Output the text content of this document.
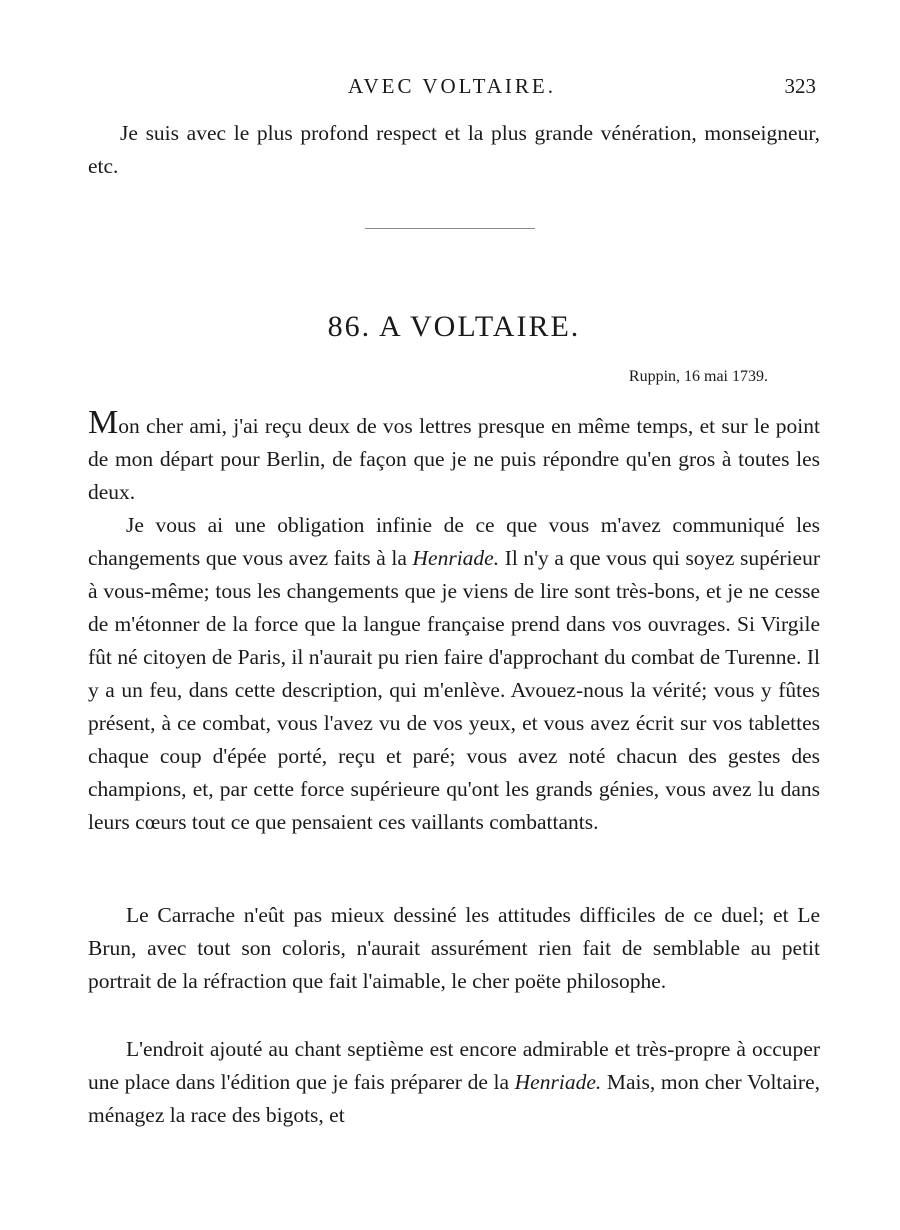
AVEC VOLTAIRE.	323
Je suis avec le plus profond respect et la plus grande vénération, monseigneur, etc.
86. A VOLTAIRE.
Ruppin, 16 mai 1739.
Mon cher ami, j'ai reçu deux de vos lettres presque en même temps, et sur le point de mon départ pour Berlin, de façon que je ne puis répondre qu'en gros à toutes les deux.
Je vous ai une obligation infinie de ce que vous m'avez communiqué les changements que vous avez faits à la Henriade. Il n'y a que vous qui soyez supérieur à vous-même; tous les changements que je viens de lire sont très-bons, et je ne cesse de m'étonner de la force que la langue française prend dans vos ouvrages. Si Virgile fût né citoyen de Paris, il n'aurait pu rien faire d'approchant du combat de Turenne. Il y a un feu, dans cette description, qui m'enlève. Avouez-nous la vérité; vous y fûtes présent, à ce combat, vous l'avez vu de vos yeux, et vous avez écrit sur vos tablettes chaque coup d'épée porté, reçu et paré; vous avez noté chacun des gestes des champions, et, par cette force supérieure qu'ont les grands génies, vous avez lu dans leurs cœurs tout ce que pensaient ces vaillants combattants.
Le Carrache n'eût pas mieux dessiné les attitudes difficiles de ce duel; et Le Brun, avec tout son coloris, n'aurait assurément rien fait de semblable au petit portrait de la réfraction que fait l'aimable, le cher poëte philosophe.
L'endroit ajouté au chant septième est encore admirable et très-propre à occuper une place dans l'édition que je fais préparer de la Henriade. Mais, mon cher Voltaire, ménagez la race des bigots, et
